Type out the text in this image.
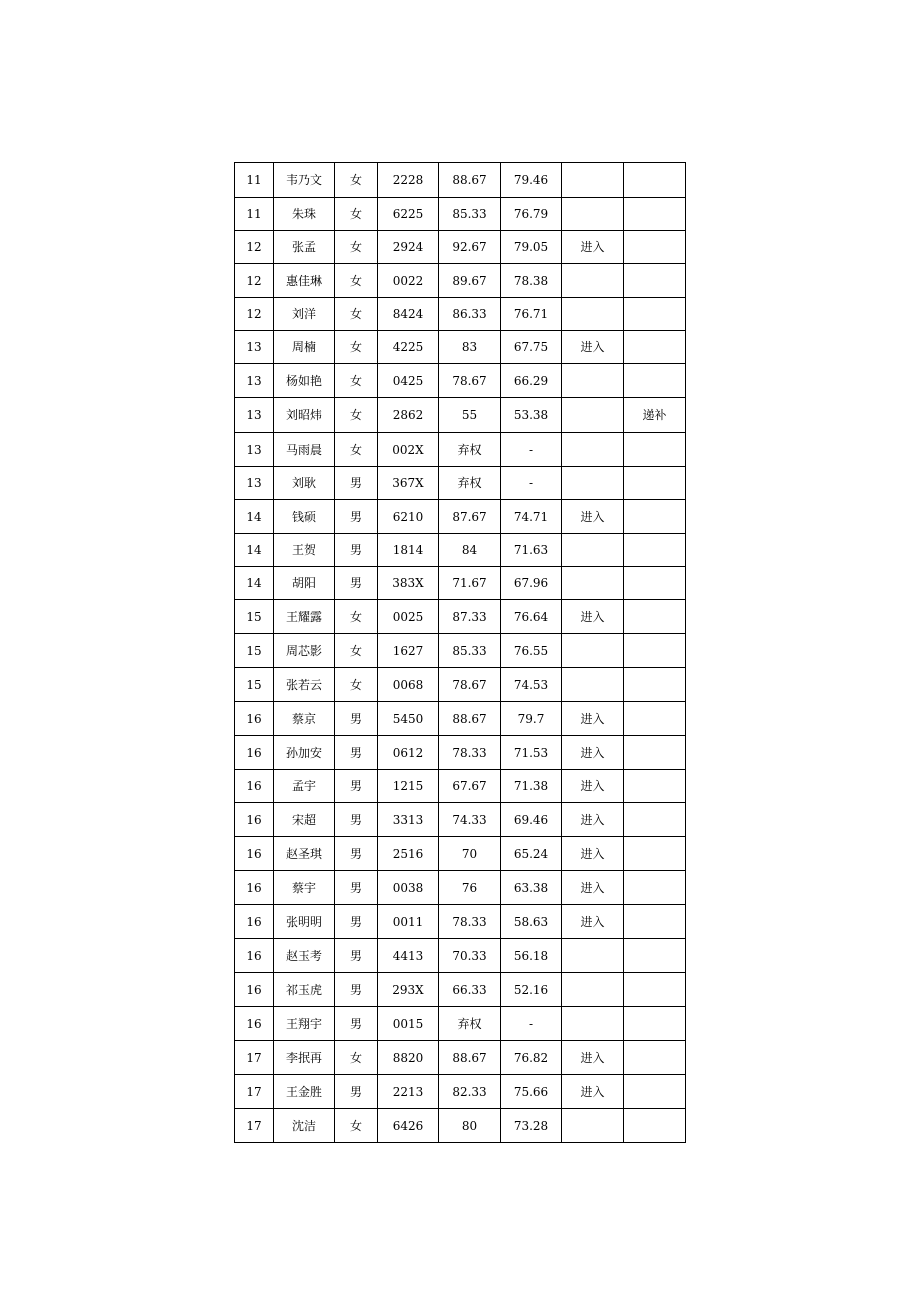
11	韦乃文	女	2228	88.67	79.46		
11	朱珠	女	6225	85.33	76.79		
12	张孟	女	2924	92.67	79.05	进入	
12	惠佳琳	女	0022	89.67	78.38		
12	刘洋	女	8424	86.33	76.71		
13	周楠	女	4225	83	67.75	进入	
13	杨如艳	女	0425	78.67	66.29		
13	刘昭炜	女	2862	55	53.38		递补
13	马雨晨	女	002X	弃权	-		
13	刘耿	男	367X	弃权	-		
14	钱硕	男	6210	87.67	74.71	进入	
14	王贺	男	1814	84	71.63		
14	胡阳	男	383X	71.67	67.96		
15	王耀露	女	0025	87.33	76.64	进入	
15	周芯影	女	1627	85.33	76.55		
15	张若云	女	0068	78.67	74.53		
16	蔡京	男	5450	88.67	79.7	进入	
16	孙加安	男	0612	78.33	71.53	进入	
16	孟宇	男	1215	67.67	71.38	进入	
16	宋超	男	3313	74.33	69.46	进入	
16	赵圣琪	男	2516	70	65.24	进入	
16	蔡宇	男	0038	76	63.38	进入	
16	张明明	男	0011	78.33	58.63	进入	
16	赵玉考	男	4413	70.33	56.18		
16	祁玉虎	男	293X	66.33	52.16		
16	王翔宇	男	0015	弃权	-		
17	李抿再	女	8820	88.67	76.82	进入	
17	王金胜	男	2213	82.33	75.66	进入	
17	沈洁	女	6426	80	73.28		
